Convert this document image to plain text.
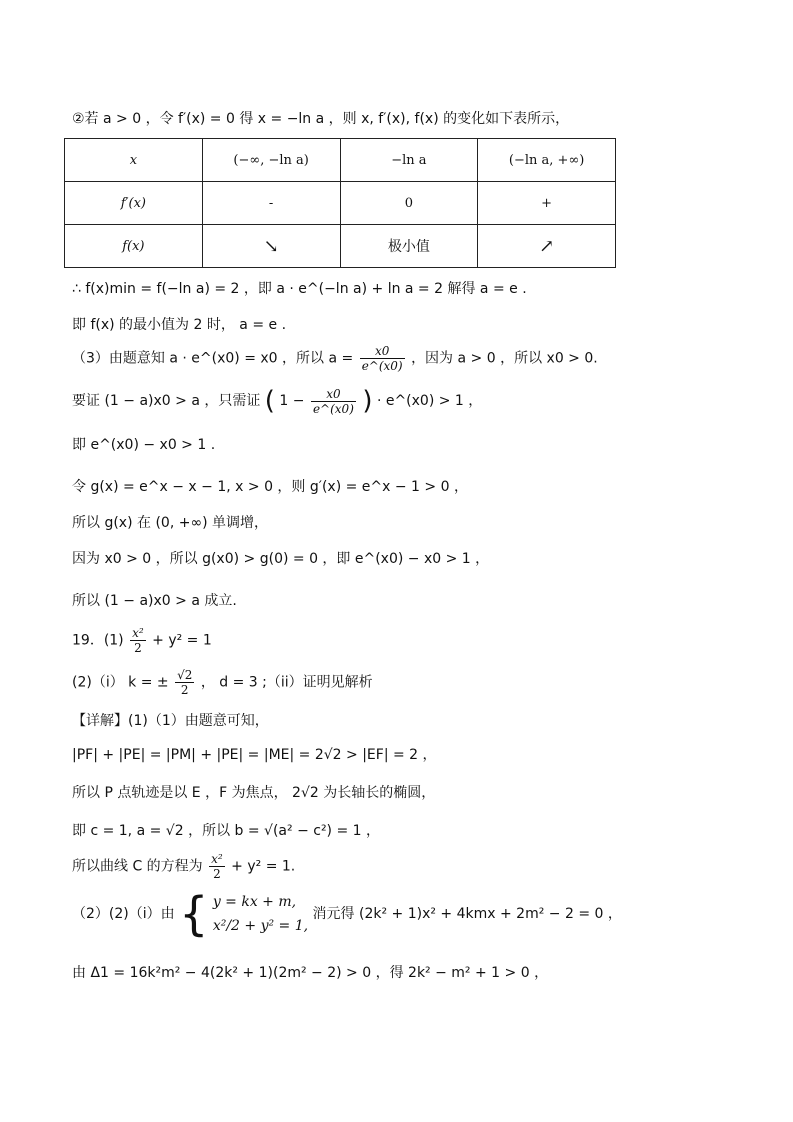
②若 a > 0 ，令 f′(x) = 0 得 x = −ln a ，则 x, f′(x), f(x) 的变化如下表所示，
x	(−∞, −ln a)	−ln a	(−ln a, +∞)
f′(x)	-	0	+
f(x)	↘	极小值	↗
∴ f(x)min = f(−ln a) = 2 ，即 a · e^(−ln a) + ln a = 2 解得 a = e .
即 f(x) 的最小值为 2 时， a = e .
（3）由题意知 a · e^(x0) = x0 ，所以 $a = \frac{x0}{e\^{}(x0)}$ ，因为 a > 0 ，所以 x0 > 0.
要证 (1 − a)x0 > a ，只需证 ( $1 - \frac{x0}{e\^{}(x0)}$ ) · e^(x0) > 1 ，
即 e^(x0) − x0 > 1 .
令 g(x) = e^x − x − 1, x > 0 ，则 g′(x) = e^x − 1 > 0 ，
所以 g(x) 在 (0, +∞) 单调增，
因为 x0 > 0 ，所以 g(x0) > g(0) = 0 ，即 e^(x0) − x0 > 1 ，
所以 (1 − a)x0 > a 成立.
19．$(1) \frac{\text{x²}}{2} + y^2 = 1$
(2)（i） k = ± $\frac{√2}{2}$ ， d = 3 ;（ii）证明见解析
【详解】(1)（1）由题意可知，
|PF| + |PE| = |PM| + |PE| = |ME| = 2√2 > |EF| = 2 ，
所以 P 点轨迹是以 E ，F 为焦点， 2√2 为长轴长的椭圆，
即 c = 1, a = √2 ，所以 b = √(a² − c²) = 1 ，
所以曲线 C 的方程为 $\frac{\text{x²}}{2} + y^2 = 1$.
（2）(2)（i）由 { y = kx + m,
x²/2 + y² = 1,
消元得 (2k² + 1)x² + 4kmx + 2m² − 2 = 0 ，
由 Δ1 = 16k²m² − 4(2k² + 1)(2m² − 2) > 0 ，得 2k² − m² + 1 > 0 ，
